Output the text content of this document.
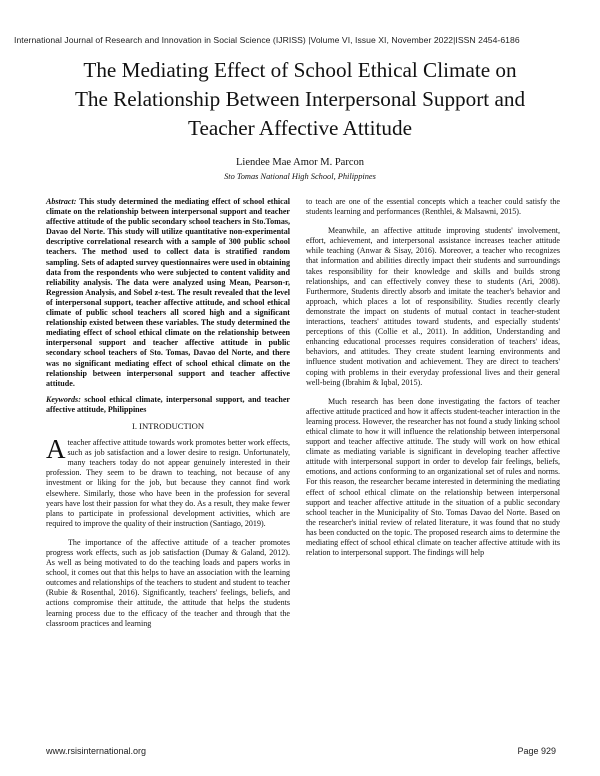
International Journal of Research and Innovation in Social Science (IJRISS) |Volume VI, Issue XI, November 2022|ISSN 2454-6186
The Mediating Effect of School Ethical Climate on
The Relationship Between Interpersonal Support and
Teacher Affective Attitude
Liendee Mae Amor M. Parcon
Sto Tomas National High School, Philippines

Abstract: This study determined the mediating effect of school ethical climate on the relationship between interpersonal support and teacher affective attitude of the public secondary school teachers in Sto.Tomas, Davao del Norte. This study will utilize quantitative non-experimental descriptive correlational research with a sample of 300 public school teachers. The method used to collect data is stratified random sampling. Sets of adapted survey questionnaires were used in obtaining data from the respondents who were subjected to content validity and reliability analysis. The data were analyzed using Mean, Pearson-r, Regression Analysis, and Sobel z-test. The result revealed that the level of interpersonal support, teacher affective attitude, and school ethical climate of public school teachers all scored high and a significant relationship existed between these variables. The study determined the mediating effect of school ethical climate on the relationship between interpersonal support and teacher affective attitude in public secondary school teachers of Sto. Tomas, Davao del Norte, and there was no significant mediating effect of school ethical climate on the relationship between interpersonal support and teacher affective attitude.

Keywords: school ethical climate, interpersonal support, and teacher affective attitude, Philippines

I. INTRODUCTION

Ateacher affective attitude towards work promotes better work effects, such as job satisfaction and a lower desire to resign. Unfortunately, many teachers today do not appear genuinely interested in their profession. They seem to be drawn to teaching, not because of any investment or liking for the job, but because they cannot find work elsewhere. Similarly, those who have been in the profession for several years have lost their passion for what they do. As a result, they make fewer plans to participate in professional development activities, which are required to improve the quality of their instruction (Santiago, 2019).

The importance of the affective attitude of a teacher promotes progress work effects, such as job satisfaction (Dumay & Galand, 2012). As well as being motivated to do the teaching loads and papers works in school, it comes out that this helps to have an association with the learning outcomes and relationships of the teachers to student and student to teacher (Rubie & Rosenthal, 2016). Significantly, teachers' feelings, beliefs, and actions compromise their attitude, the attitude that helps the students learning process due to the efficacy of the teacher and through that the classroom practices and learning

to teach are one of the essential concepts which a teacher could satisfy the students learning and performances (Renthlei, & Malsawni, 2015).

Meanwhile, an affective attitude improving students' involvement, effort, achievement, and interpersonal assistance increases teacher attitude while teaching (Anwar & Sisay, 2016). Moreover, a teacher who recognizes that information and abilities directly impact their students and surroundings takes responsibility for their knowledge and skills and builds strong relationships, and can effectively convey these to students (Ari, 2008). Furthermore, Students directly absorb and imitate the teacher's behavior and approach, which places a lot of responsibility. Studies recently clearly demonstrate the impact on students of mutual contact in teacher-student interactions, teachers' attitudes toward students, and especially students' perceptions of this (Collie et al., 2011). In addition, Understanding and enhancing educational processes requires consideration of teachers' ideas, behaviors, and attitudes. They create student learning environments and influence student motivation and achievement. They are direct to teachers' coping with problems in their everyday professional lives and their general well-being (Ibrahim & Iqbal, 2015).

Much research has been done investigating the factors of teacher affective attitude practiced and how it affects student-teacher interaction in the learning process. However, the researcher has not found a study linking school ethical climate to how it will influence the relationship between interpersonal support and teacher affective attitude. The study will work on how ethical climate as mediating variable is significant in developing teacher affective attitude with interpersonal support in order to develop fair feelings, beliefs, emotions, and actions conforming to an organizational set of rules and norms. For this reason, the researcher became interested in determining the mediating effect of school ethical climate on the relationship between interpersonal support and teacher affective attitude in the situation of a public secondary school teacher in the Municipality of Sto. Tomas Davao del Norte. Based on the researcher's initial review of related literature, it was found that no study has been conducted on the topic. The proposed research aims to determine the mediating effect of school ethical climate on teacher affective attitude with its relation to interpersonal support. The findings will help

www.rsisinternational.org	Page 929
